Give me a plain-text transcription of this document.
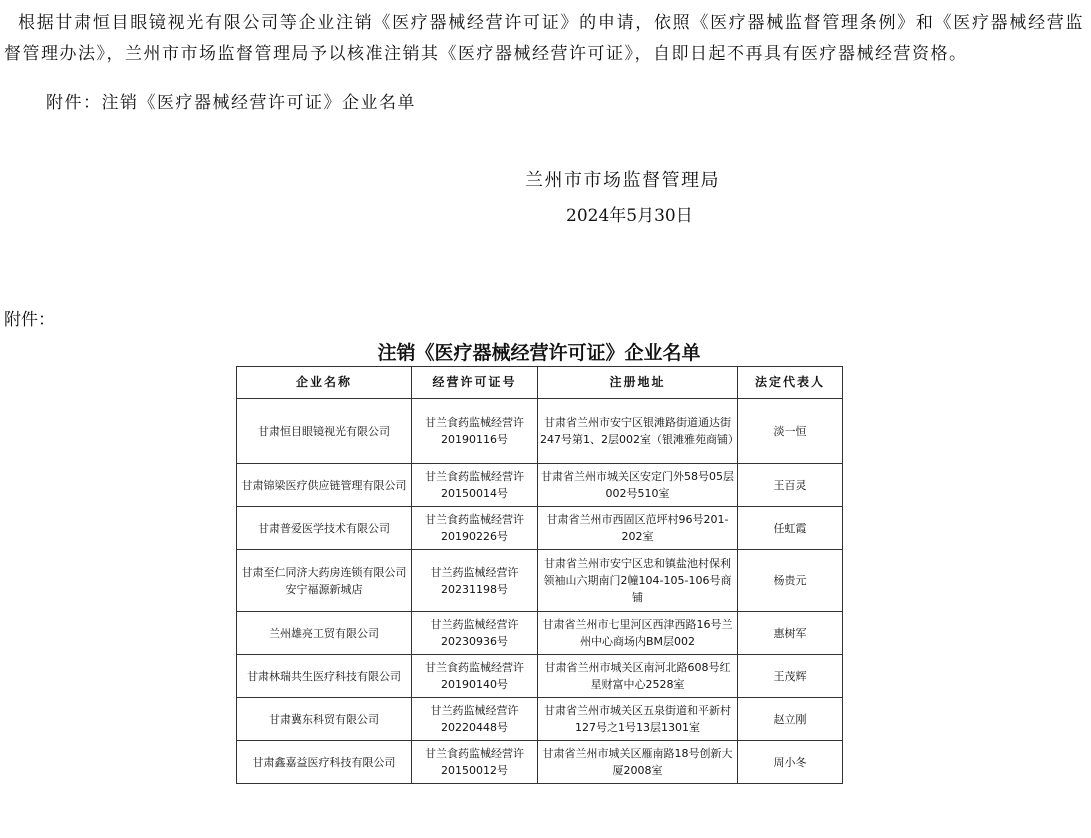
根据甘肃恒目眼镜视光有限公司等企业注销《医疗器械经营许可证》的申请，依照《医疗器械监督管理条例》和《医疗器械经营监督管理办法》，兰州市市场监督管理局予以核准注销其《医疗器械经营许可证》，自即日起不再具有医疗器械经营资格。

附件：注销《医疗器械经营许可证》企业名单

兰州市市场监督管理局

2024年5月30日

附件：

注销《医疗器械经营许可证》企业名单

企业名称	经营许可证号	注册地址	法定代表人
甘肃恒目眼镜视光有限公司	甘兰食药监械经营许20190116号	甘肃省兰州市安宁区银滩路街道通达街247号第1、2层002室（银滩雅苑商铺）	淡一恒
甘肃锦梁医疗供应链管理有限公司	甘兰食药监械经营许20150014号	甘肃省兰州市城关区安定门外58号05层002号510室	王百灵
甘肃普爱医学技术有限公司	甘兰食药监械经营许20190226号	甘肃省兰州市西固区范坪村96号201-202室	任虹霞
甘肃至仁同济大药房连锁有限公司安宁福源新城店	甘兰药监械经营许20231198号	甘肃省兰州市安宁区忠和镇盐池村保利领袖山六期南门2幢104-105-106号商铺	杨贵元
兰州雄亮工贸有限公司	甘兰药监械经营许20230936号	甘肃省兰州市七里河区西津西路16号兰州中心商场内BM层002	惠树军
甘肃林瑞共生医疗科技有限公司	甘兰食药监械经营许20190140号	甘肃省兰州市城关区南河北路608号红星财富中心2528室	王茂辉
甘肃冀东科贸有限公司	甘兰药监械经营许20220448号	甘肃省兰州市城关区五泉街道和平新村127号之1号13层1301室	赵立刚
甘肃鑫嘉益医疗科技有限公司	甘兰食药监械经营许20150012号	甘肃省兰州市城关区雁南路18号创新大厦2008室	周小冬
